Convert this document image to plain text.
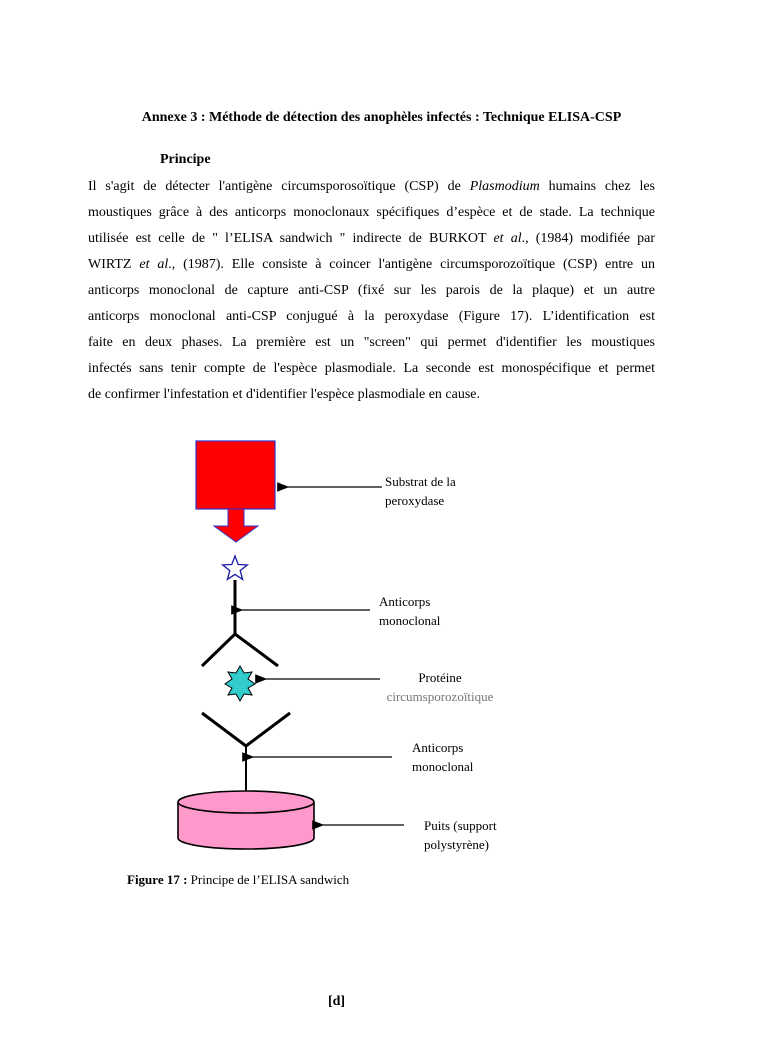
Annexe 3 : Méthode de détection des anophèles infectés : Technique ELISA-CSP
Principe
Il s'agit de détecter l'antigène circumsporosoïtique (CSP) de Plasmodium humains chez les
moustiques grâce à des anticorps monoclonaux spécifiques d’espèce et de stade. La technique
utilisée est celle de " l’ELISA sandwich " indirecte de BURKOT et al., (1984) modifiée par
WIRTZ et al., (1987). Elle consiste à coincer l'antigène circumsporozoïtique (CSP) entre un
anticorps monoclonal de capture anti-CSP (fixé sur les parois de la plaque) et un autre
anticorps monoclonal anti-CSP conjugué à la peroxydase (Figure 17). L’identification est
faite en deux phases. La première est un "screen" qui permet d'identifier les moustiques
infectés sans tenir compte de l'espèce plasmodiale. La seconde est monospécifique et permet
de confirmer l'infestation et d'identifier l'espèce plasmodiale en cause.
Substrat de la
peroxydase
Anticorps
monoclonal
Protéine
circumsporozoïtique
Anticorps
monoclonal
Puits (support
polystyrène)
Figure 17 : Principe de l’ELISA sandwich
[d]
